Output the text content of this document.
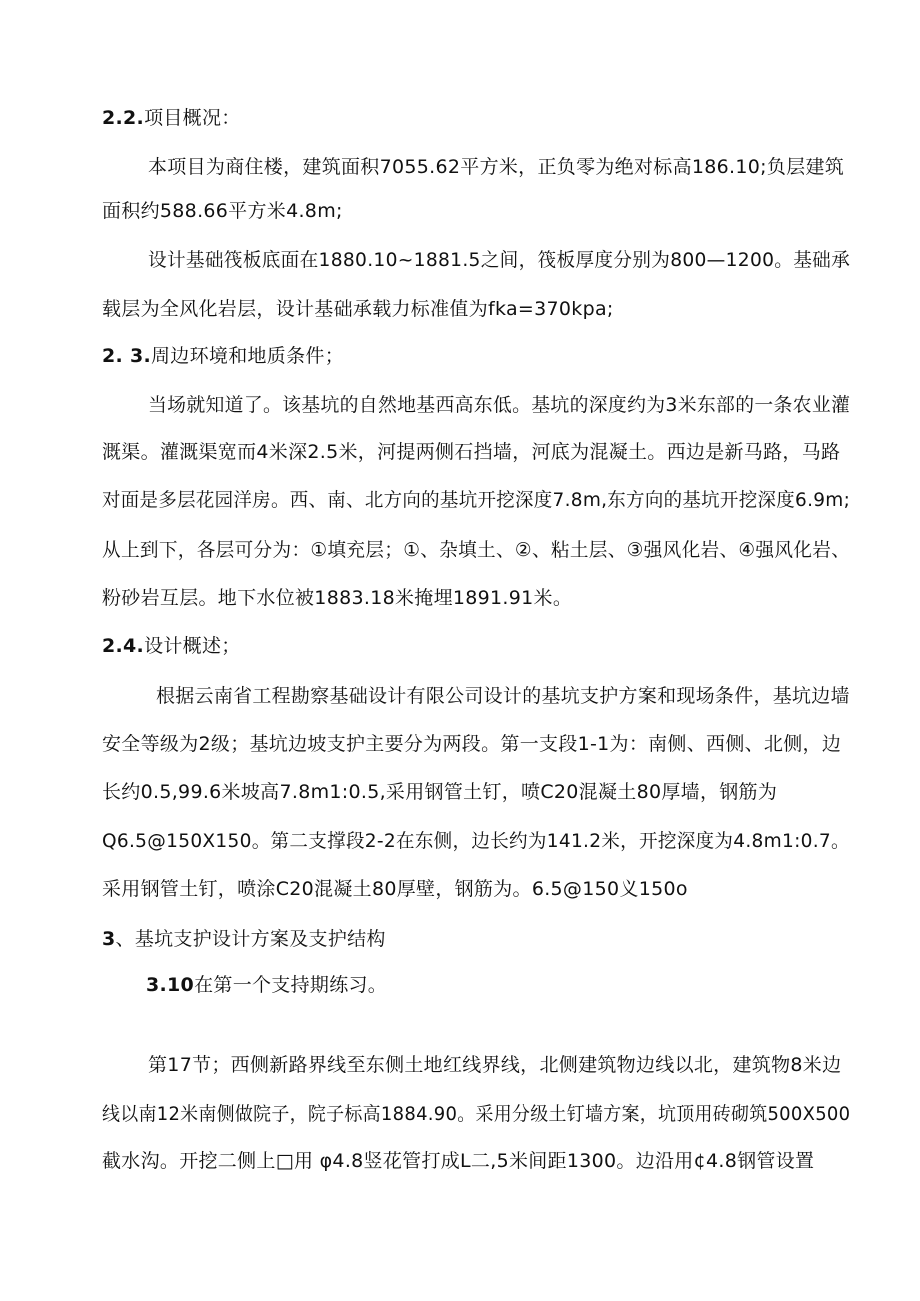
2.2.项目概况：
本项目为商住楼，建筑面积7055.62平方米，正负零为绝对标高186.10;负层建筑
面积约588.66平方米4.8m;
设计基础筏板底面在1880.10~1881.5之间，筏板厚度分别为800—1200。基础承
载层为全风化岩层，设计基础承载力标准值为fka=370kpa;
2. 3.周边环境和地质条件；
当场就知道了。该基坑的自然地基西高东低。基坑的深度约为3米东部的一条农业灌
溉渠。灌溉渠宽而4米深2.5米，河提两侧石挡墙，河底为混凝土。西边是新马路，马路
对面是多层花园洋房。西、南、北方向的基坑开挖深度7.8m,东方向的基坑开挖深度6.9m;
从上到下，各层可分为：①填充层；①、杂填土、②、粘土层、③强风化岩、④强风化岩、
粉砂岩互层。地下水位被1883.18米掩埋1891.91米。
2.4.设计概述；
根据云南省工程勘察基础设计有限公司设计的基坑支护方案和现场条件，基坑边墙
安全等级为2级；基坑边坡支护主要分为两段。第一支段1-1为：南侧、西侧、北侧，边
长约0.5,99.6米坡高7.8m1:0.5,采用钢管土钉，喷C20混凝土80厚墙，钢筋为
Q6.5@150X150。第二支撑段2-2在东侧，边长约为141.2米，开挖深度为4.8m1:0.7。
采用钢管土钉，喷涂C20混凝土80厚壁，钢筋为。6.5@150义150o
3、基坑支护设计方案及支护结构
3.10在第一个支持期练习。
第17节；西侧新路界线至东侧土地红线界线，北侧建筑物边线以北，建筑物8米边
线以南12米南侧做院子，院子标高1884.90。采用分级土钉墙方案，坑顶用砖砌筑500X500
截水沟。开挖二侧上□用 φ4.8竖花管打成L二,5米间距1300。边沿用¢4.8钢管设置
